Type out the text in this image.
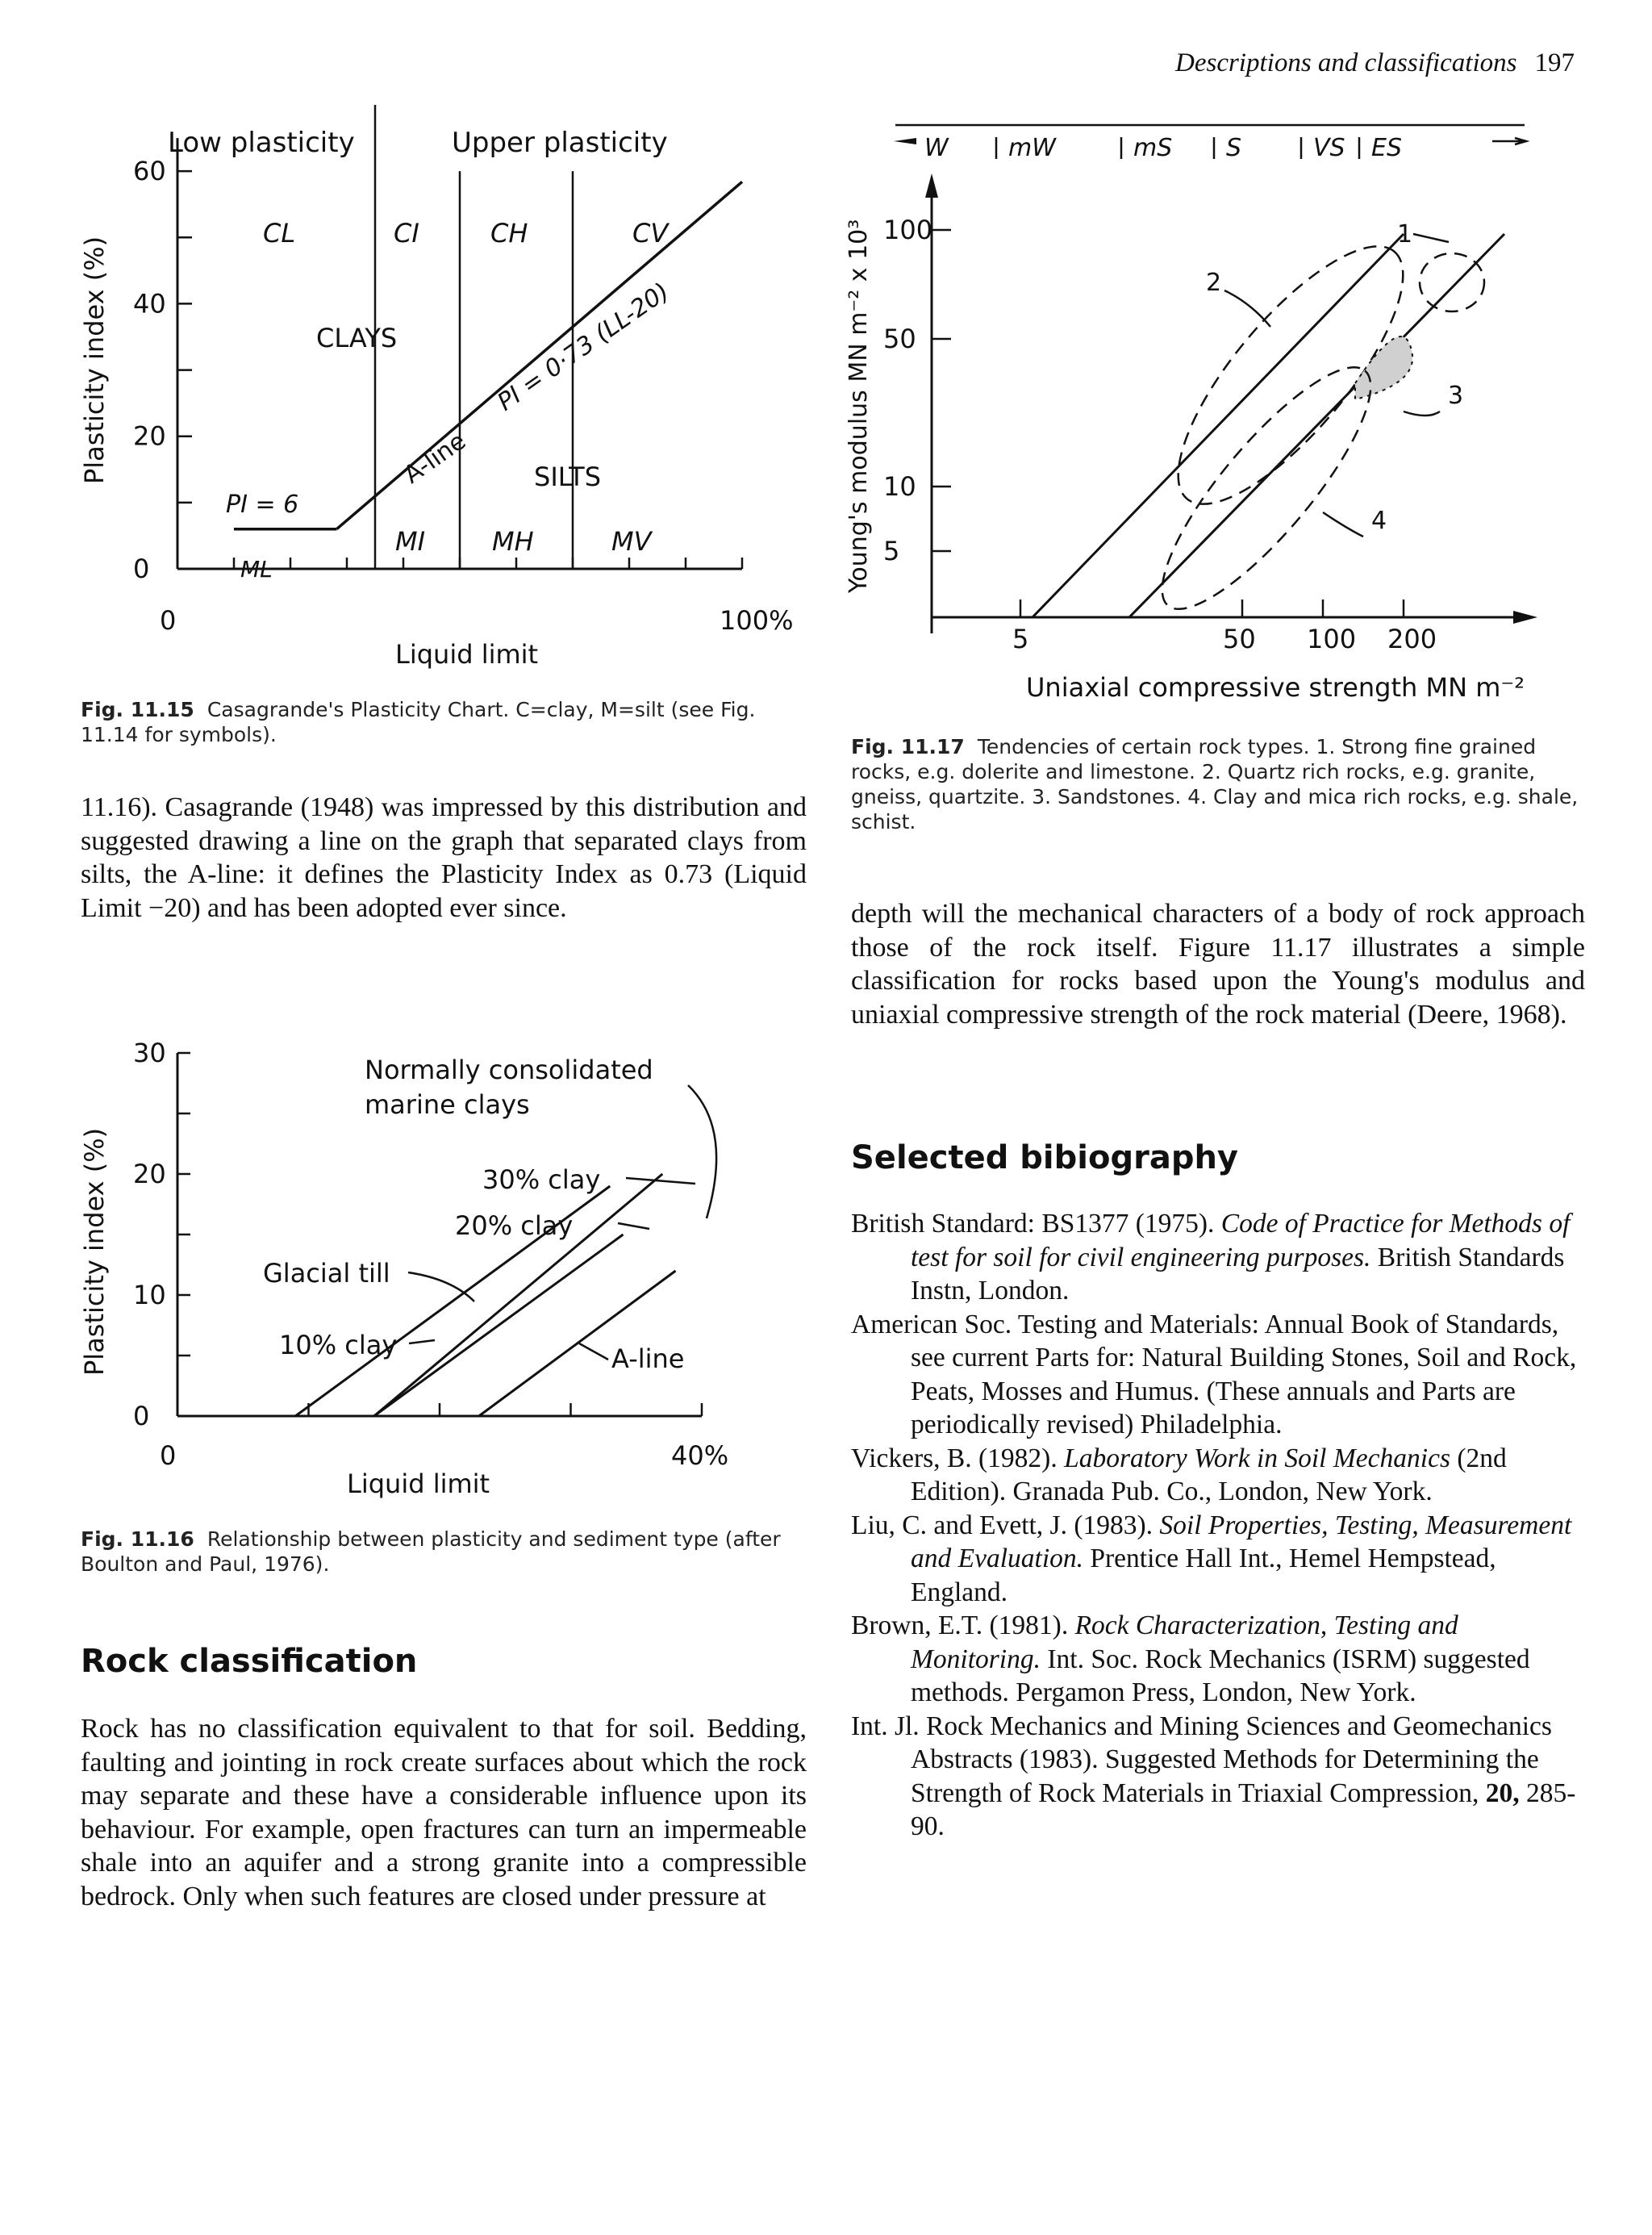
Descriptions and classifications 197
Plasticity index (%)
Low plasticity	Upper plasticity
0
20
40
60
CL	CI	CH	CV
CLAYS
SILTS
MI	MH	MV
PI = 6
ML
A-line
PI = 0·73 (LL-20)
0	100%
Liquid limit
Fig. 11.15 Casagrande's Plasticity Chart. C=clay, M=silt (see Fig. 11.14 for symbols).
11.16). Casagrande (1948) was impressed by this distribution and suggested drawing a line on the graph that separated clays from silts, the A-line: it defines the Plasticity Index as 0.73 (Liquid Limit −20) and has been adopted ever since.
Plasticity index (%)
0
10
20
30
Normally consolidated
marine clays
30% clay
20% clay
Glacial till
10% clay	A-line
0	40%
Liquid limit
Fig. 11.16 Relationship between plasticity and sediment type (after Boulton and Paul, 1976).
Rock classification
Rock has no classification equivalent to that for soil. Bedding, faulting and jointing in rock create surfaces about which the rock may separate and these have a considerable influence upon its behaviour. For example, open fractures can turn an impermeable shale into an aquifer and a strong granite into a compressible bedrock. Only when such features are closed under pressure at
Young's modulus MN m⁻² x 10³
W mW	mS S	VS ES
100
50
10
5
1
2
3
4
5	50 100 200
Uniaxial compressive strength MN m⁻²
Fig. 11.17 Tendencies of certain rock types. 1. Strong fine grained rocks, e.g. dolerite and limestone. 2. Quartz rich rocks, e.g. granite, gneiss, quartzite. 3. Sandstones. 4. Clay and mica rich rocks, e.g. shale, schist.
depth will the mechanical characters of a body of rock approach those of the rock itself. Figure 11.17 illustrates a simple classification for rocks based upon the Young's modulus and uniaxial compressive strength of the rock material (Deere, 1968).
Selected bibiography

British Standard: BS1377 (1975). Code of Practice for Methods of test for soil for civil engineering purposes. British Standards Instn, London.

American Soc. Testing and Materials: Annual Book of Standards, see current Parts for: Natural Building Stones, Soil and Rock, Peats, Mosses and Humus. (These annuals and Parts are periodically revised) Philadelphia.

Vickers, B. (1982). Laboratory Work in Soil Mechanics (2nd Edition). Granada Pub. Co., London, New York.

Liu, C. and Evett, J. (1983). Soil Properties, Testing, Measurement and Evaluation. Prentice Hall Int., Hemel Hempstead, England.

Brown, E.T. (1981). Rock Characterization, Testing and Monitoring. Int. Soc. Rock Mechanics (ISRM) suggested methods. Pergamon Press, London, New York.

Int. Jl. Rock Mechanics and Mining Sciences and Geomechanics Abstracts (1983). Suggested Methods for Determining the Strength of Rock Materials in Triaxial Compression, 20, 285-90.
